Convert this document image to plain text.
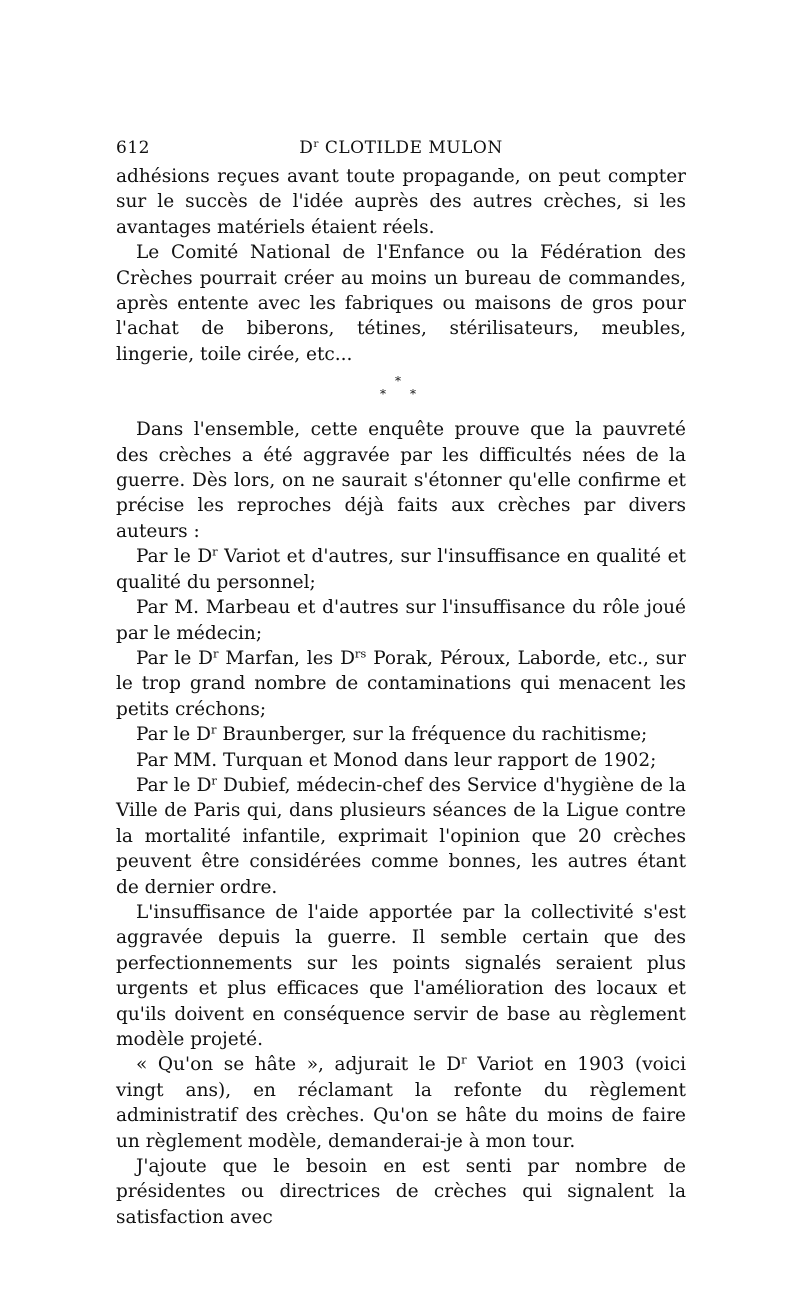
612	$D^r$ CLOTILDE MULON

adhésions reçues avant toute propagande, on peut compter sur le succès de l'idée auprès des autres crèches, si les avantages matériels étaient réels.

Le Comité National de l'Enfance ou la Fédération des Crèches pourrait créer au moins un bureau de commandes, après entente avec les fabriques ou maisons de gros pour l'achat de biberons, tétines, stérilisateurs, meubles, lingerie, toile cirée, etc...

*
* *

Dans l'ensemble, cette enquête prouve que la pauvreté des crèches a été aggravée par les difficultés nées de la guerre. Dès lors, on ne saurait s'étonner qu'elle confirme et précise les reproches déjà faits aux crèches par divers auteurs :

Par le $D^r$ Variot et d'autres, sur l'insuffisance en qualité et qualité du personnel;

Par M. Marbeau et d'autres sur l'insuffisance du rôle joué par le médecin;

Par le $D^r$ Marfan, les $D^{rs}$ Porak, Péroux, Laborde, etc., sur le trop grand nombre de contaminations qui menacent les petits créchons;

Par le $D^r$ Braunberger, sur la fréquence du rachitisme;

Par MM. Turquan et Monod dans leur rapport de 1902;

Par le $D^r$ Dubief, médecin-chef des Service d'hygiène de la Ville de Paris qui, dans plusieurs séances de la Ligue contre la mortalité infantile, exprimait l'opinion que 20 crèches peuvent être considérées comme bonnes, les autres étant de dernier ordre.

L'insuffisance de l'aide apportée par la collectivité s'est aggravée depuis la guerre. Il semble certain que des perfectionnements sur les points signalés seraient plus urgents et plus efficaces que l'amélioration des locaux et qu'ils doivent en conséquence servir de base au règlement modèle projeté.

« Qu'on se hâte », adjurait le $D^r$ Variot en 1903 (voici vingt ans), en réclamant la refonte du règlement administratif des crèches. Qu'on se hâte du moins de faire un règlement modèle, demanderai-je à mon tour.

J'ajoute que le besoin en est senti par nombre de présidentes ou directrices de crèches qui signalent la satisfaction avec
